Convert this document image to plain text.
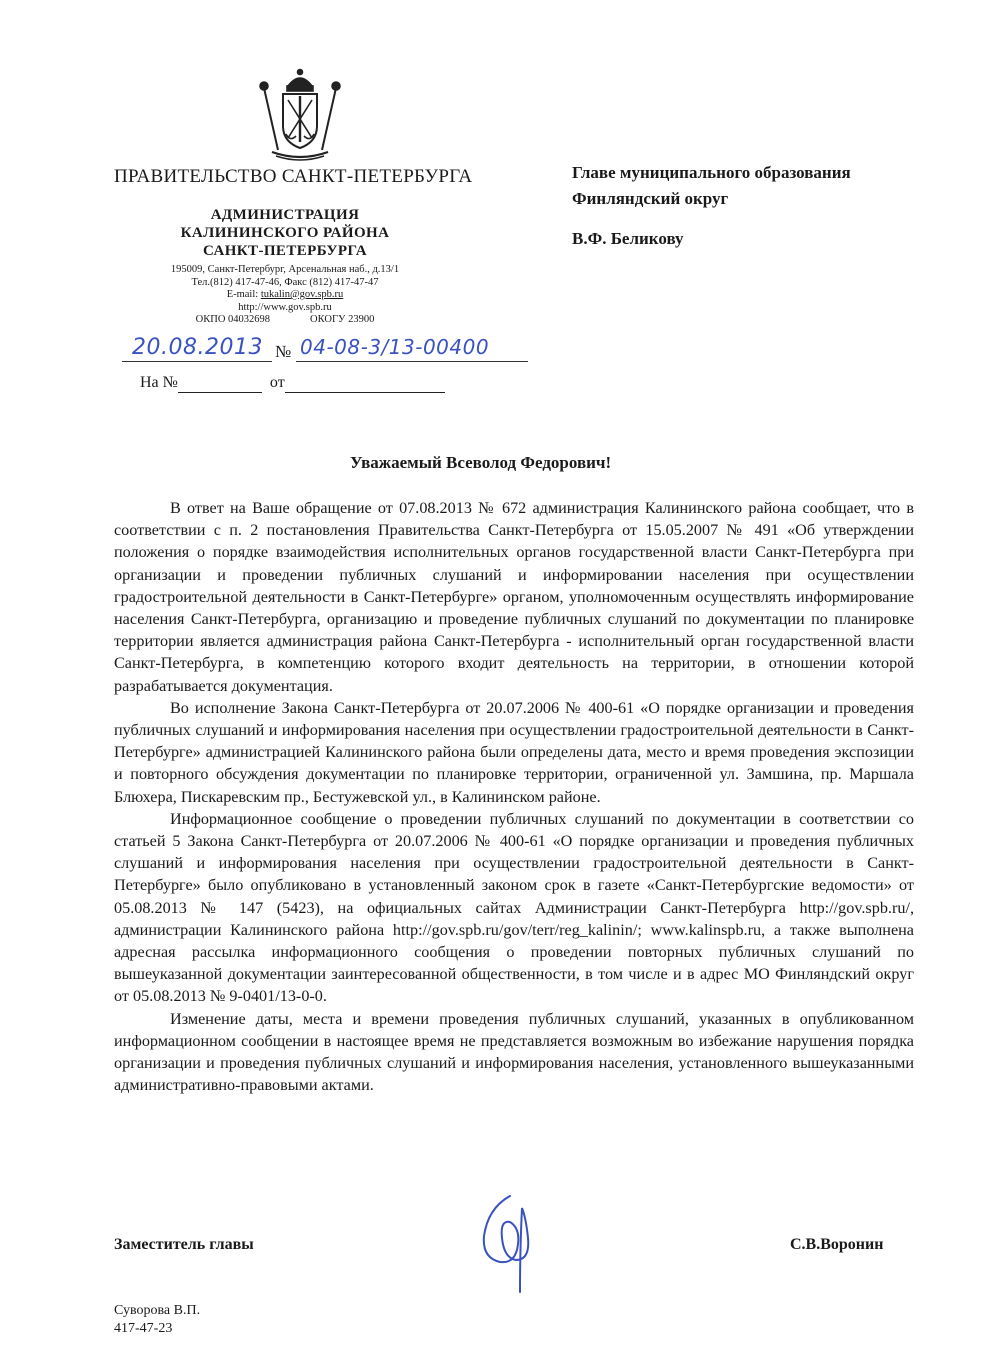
ПРАВИТЕЛЬСТВО САНКТ-ПЕТЕРБУРГА
АДМИНИСТРАЦИЯ
КАЛИНИНСКОГО РАЙОНА
САНКТ-ПЕТЕРБУРГА
195009, Санкт-Петербург, Арсенальная наб., д.13/1
Тел.(812) 417-47-46, Факс (812) 417-47-47
E-mail: tukalin@gov.spb.ru
http://www.gov.spb.ru
ОКПО 04032698	ОКОГУ 23900
20.08.2013 № 04-08-3/13-00400
На №	от
Главе муниципального образования
Финляндский округ
В.Ф. Беликову
Уважаемый Всеволод Федорович!

В ответ на Ваше обращение от 07.08.2013 № 672 администрация Калининского района сообщает, что в соответствии с п. 2 постановления Правительства Санкт-Петербурга от 15.05.2007 № 491 «Об утверждении положения о порядке взаимодействия исполнительных органов государственной власти Санкт-Петербурга при организации и проведении публичных слушаний и информировании населения при осуществлении градостроительной деятельности в Санкт-Петербурге» органом, уполномоченным осуществлять информирование населения Санкт-Петербурга, организацию и проведение публичных слушаний по документации по планировке территории является администрация района Санкт-Петербурга - исполнительный орган государственной власти Санкт-Петербурга, в компетенцию которого входит деятельность на территории, в отношении которой разрабатывается документация.

Во исполнение Закона Санкт-Петербурга от 20.07.2006 № 400-61 «О порядке организации и проведения публичных слушаний и информирования населения при осуществлении градостроительной деятельности в Санкт-Петербурге» администрацией Калининского района были определены дата, место и время проведения экспозиции и повторного обсуждения документации по планировке территории, ограниченной ул. Замшина, пр. Маршала Блюхера, Пискаревским пр., Бестужевской ул., в Калининском районе.

Информационное сообщение о проведении публичных слушаний по документации в соответствии со статьей 5 Закона Санкт-Петербурга от 20.07.2006 № 400-61 «О порядке организации и проведения публичных слушаний и информирования населения при осуществлении градостроительной деятельности в Санкт-Петербурге» было опубликовано в установленный законом срок в газете «Санкт-Петербургские ведомости» от 05.08.2013 № 147 (5423), на официальных сайтах Администрации Санкт-Петербурга http://gov.spb.ru/, администрации Калининского района http://gov.spb.ru/gov/terr/reg_kalinin/; www.kalinspb.ru, а также выполнена адресная рассылка информационного сообщения о проведении повторных публичных слушаний по вышеуказанной документации заинтересованной общественности, в том числе и в адрес МО Финляндский округ от 05.08.2013 № 9-0401/13-0-0.

Изменение даты, места и времени проведения публичных слушаний, указанных в опубликованном информационном сообщении в настоящее время не представляется возможным во избежание нарушения порядка организации и проведения публичных слушаний и информирования населения, установленного вышеуказанными административно-правовыми актами.

Заместитель главы	С.В.Воронин
Суворова В.П.
417-47-23
